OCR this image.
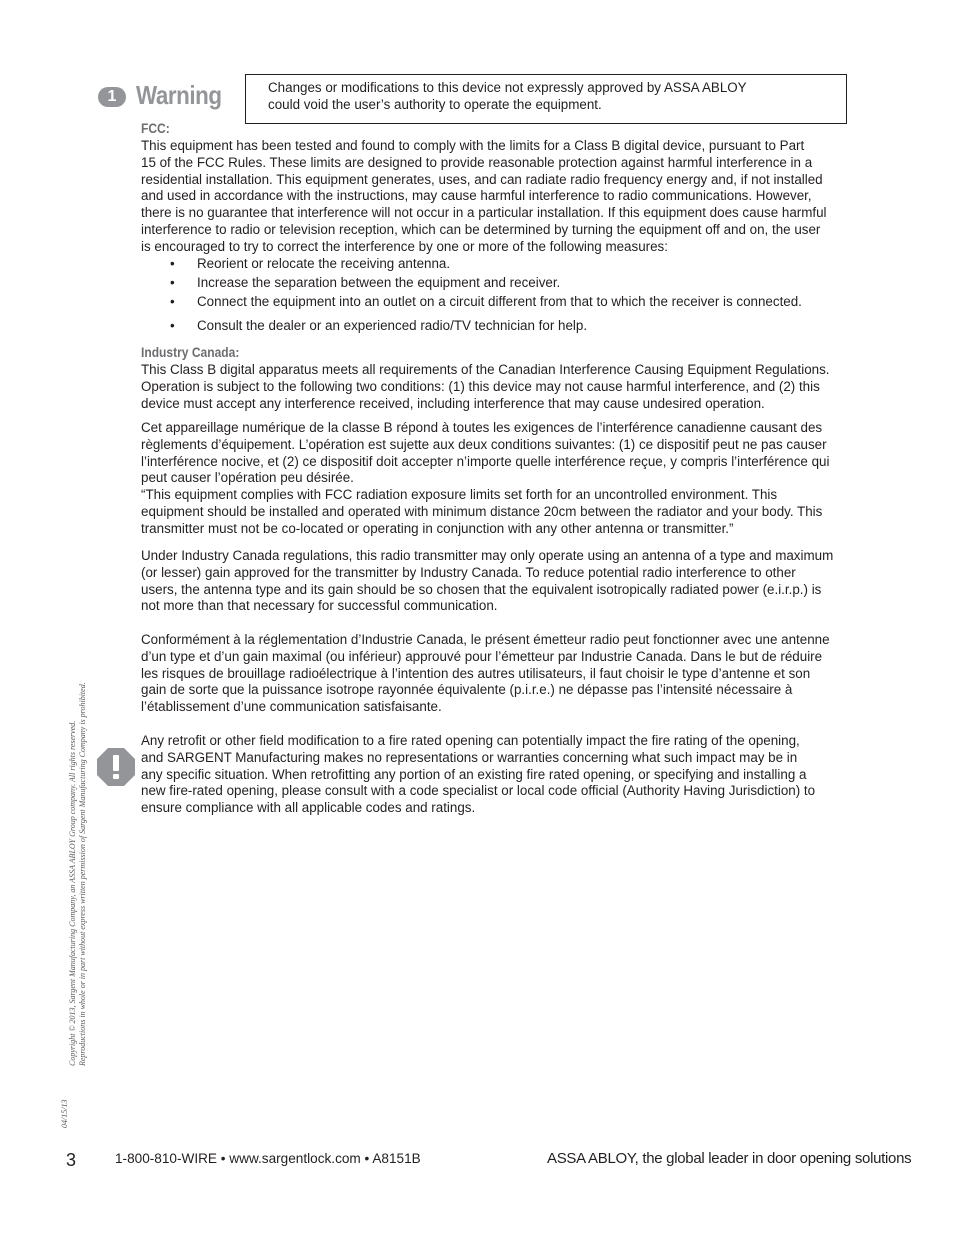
1 Warning	Changes or modifications to this device not expressly approved by ASSA ABLOY
could void the user’s authority to operate the equipment.
FCC:
This equipment has been tested and found to comply with the limits for a Class B digital device, pursuant to Part
15 of the FCC Rules. These limits are designed to provide reasonable protection against harmful interference in a
residential installation. This equipment generates, uses, and can radiate radio frequency energy and, if not installed
and used in accordance with the instructions, may cause harmful interference to radio communications. However,
there is no guarantee that interference will not occur in a particular installation. If this equipment does cause harmful
interference to radio or television reception, which can be determined by turning the equipment off and on, the user
is encouraged to try to correct the interference by one or more of the following measures:
• Reorient or relocate the receiving antenna.
• Increase the separation between the equipment and receiver.
• Connect the equipment into an outlet on a circuit different from that to which the receiver is connected.
• Consult the dealer or an experienced radio/TV technician for help.
Industry Canada:
This Class B digital apparatus meets all requirements of the Canadian Interference Causing Equipment Regulations.
Operation is subject to the following two conditions: (1) this device may not cause harmful interference, and (2) this
device must accept any interference received, including interference that may cause undesired operation.
Cet appareillage numérique de la classe B répond à toutes les exigences de l’interférence canadienne causant des
règlements d’équipement. L’opération est sujette aux deux conditions suivantes: (1) ce dispositif peut ne pas causer
l’interférence nocive, et (2) ce dispositif doit accepter n’importe quelle interférence reçue, y compris l’interférence qui
peut causer l’opération peu désirée.
“This equipment complies with FCC radiation exposure limits set forth for an uncontrolled environment. This
equipment should be installed and operated with minimum distance 20cm between the radiator and your body. This
transmitter must not be co-located or operating in conjunction with any other antenna or transmitter.”
Under Industry Canada regulations, this radio transmitter may only operate using an antenna of a type and maximum
(or lesser) gain approved for the transmitter by Industry Canada. To reduce potential radio interference to other
users, the antenna type and its gain should be so chosen that the equivalent isotropically radiated power (e.i.r.p.) is
not more than that necessary for successful communication.
Conformément à la réglementation d’Industrie Canada, le présent émetteur radio peut fonctionner avec une antenne
d’un type et d’un gain maximal (ou inférieur) approuvé pour l’émetteur par Industrie Canada. Dans le but de réduire
les risques de brouillage radioélectrique à l’intention des autres utilisateurs, il faut choisir le type d’antenne et son
gain de sorte que la puissance isotrope rayonnée équivalente (p.i.r.e.) ne dépasse pas l’intensité nécessaire à
l’établissement d’une communication satisfaisante.
Any retrofit or other field modification to a fire rated opening can potentially impact the fire rating of the opening,
and SARGENT Manufacturing makes no representations or warranties concerning what such impact may be in
any specific situation. When retrofitting any portion of an existing fire rated opening, or specifying and installing a
new fire-rated opening, please consult with a code specialist or local code official (Authority Having Jurisdiction) to
ensure compliance with all applicable codes and ratings.
Copyright © 2013, Sargent Manufacturing Company, an ASSA ABLOY Group company. All rights reserved. Reproductions in whole or in part without express written permission of Sargent Manufacturing Company is prohibited.
04/15/13
3	1-800-810-WIRE • www.sargentlock.com • A8151B	ASSA ABLOY, the global leader in door opening solutions
